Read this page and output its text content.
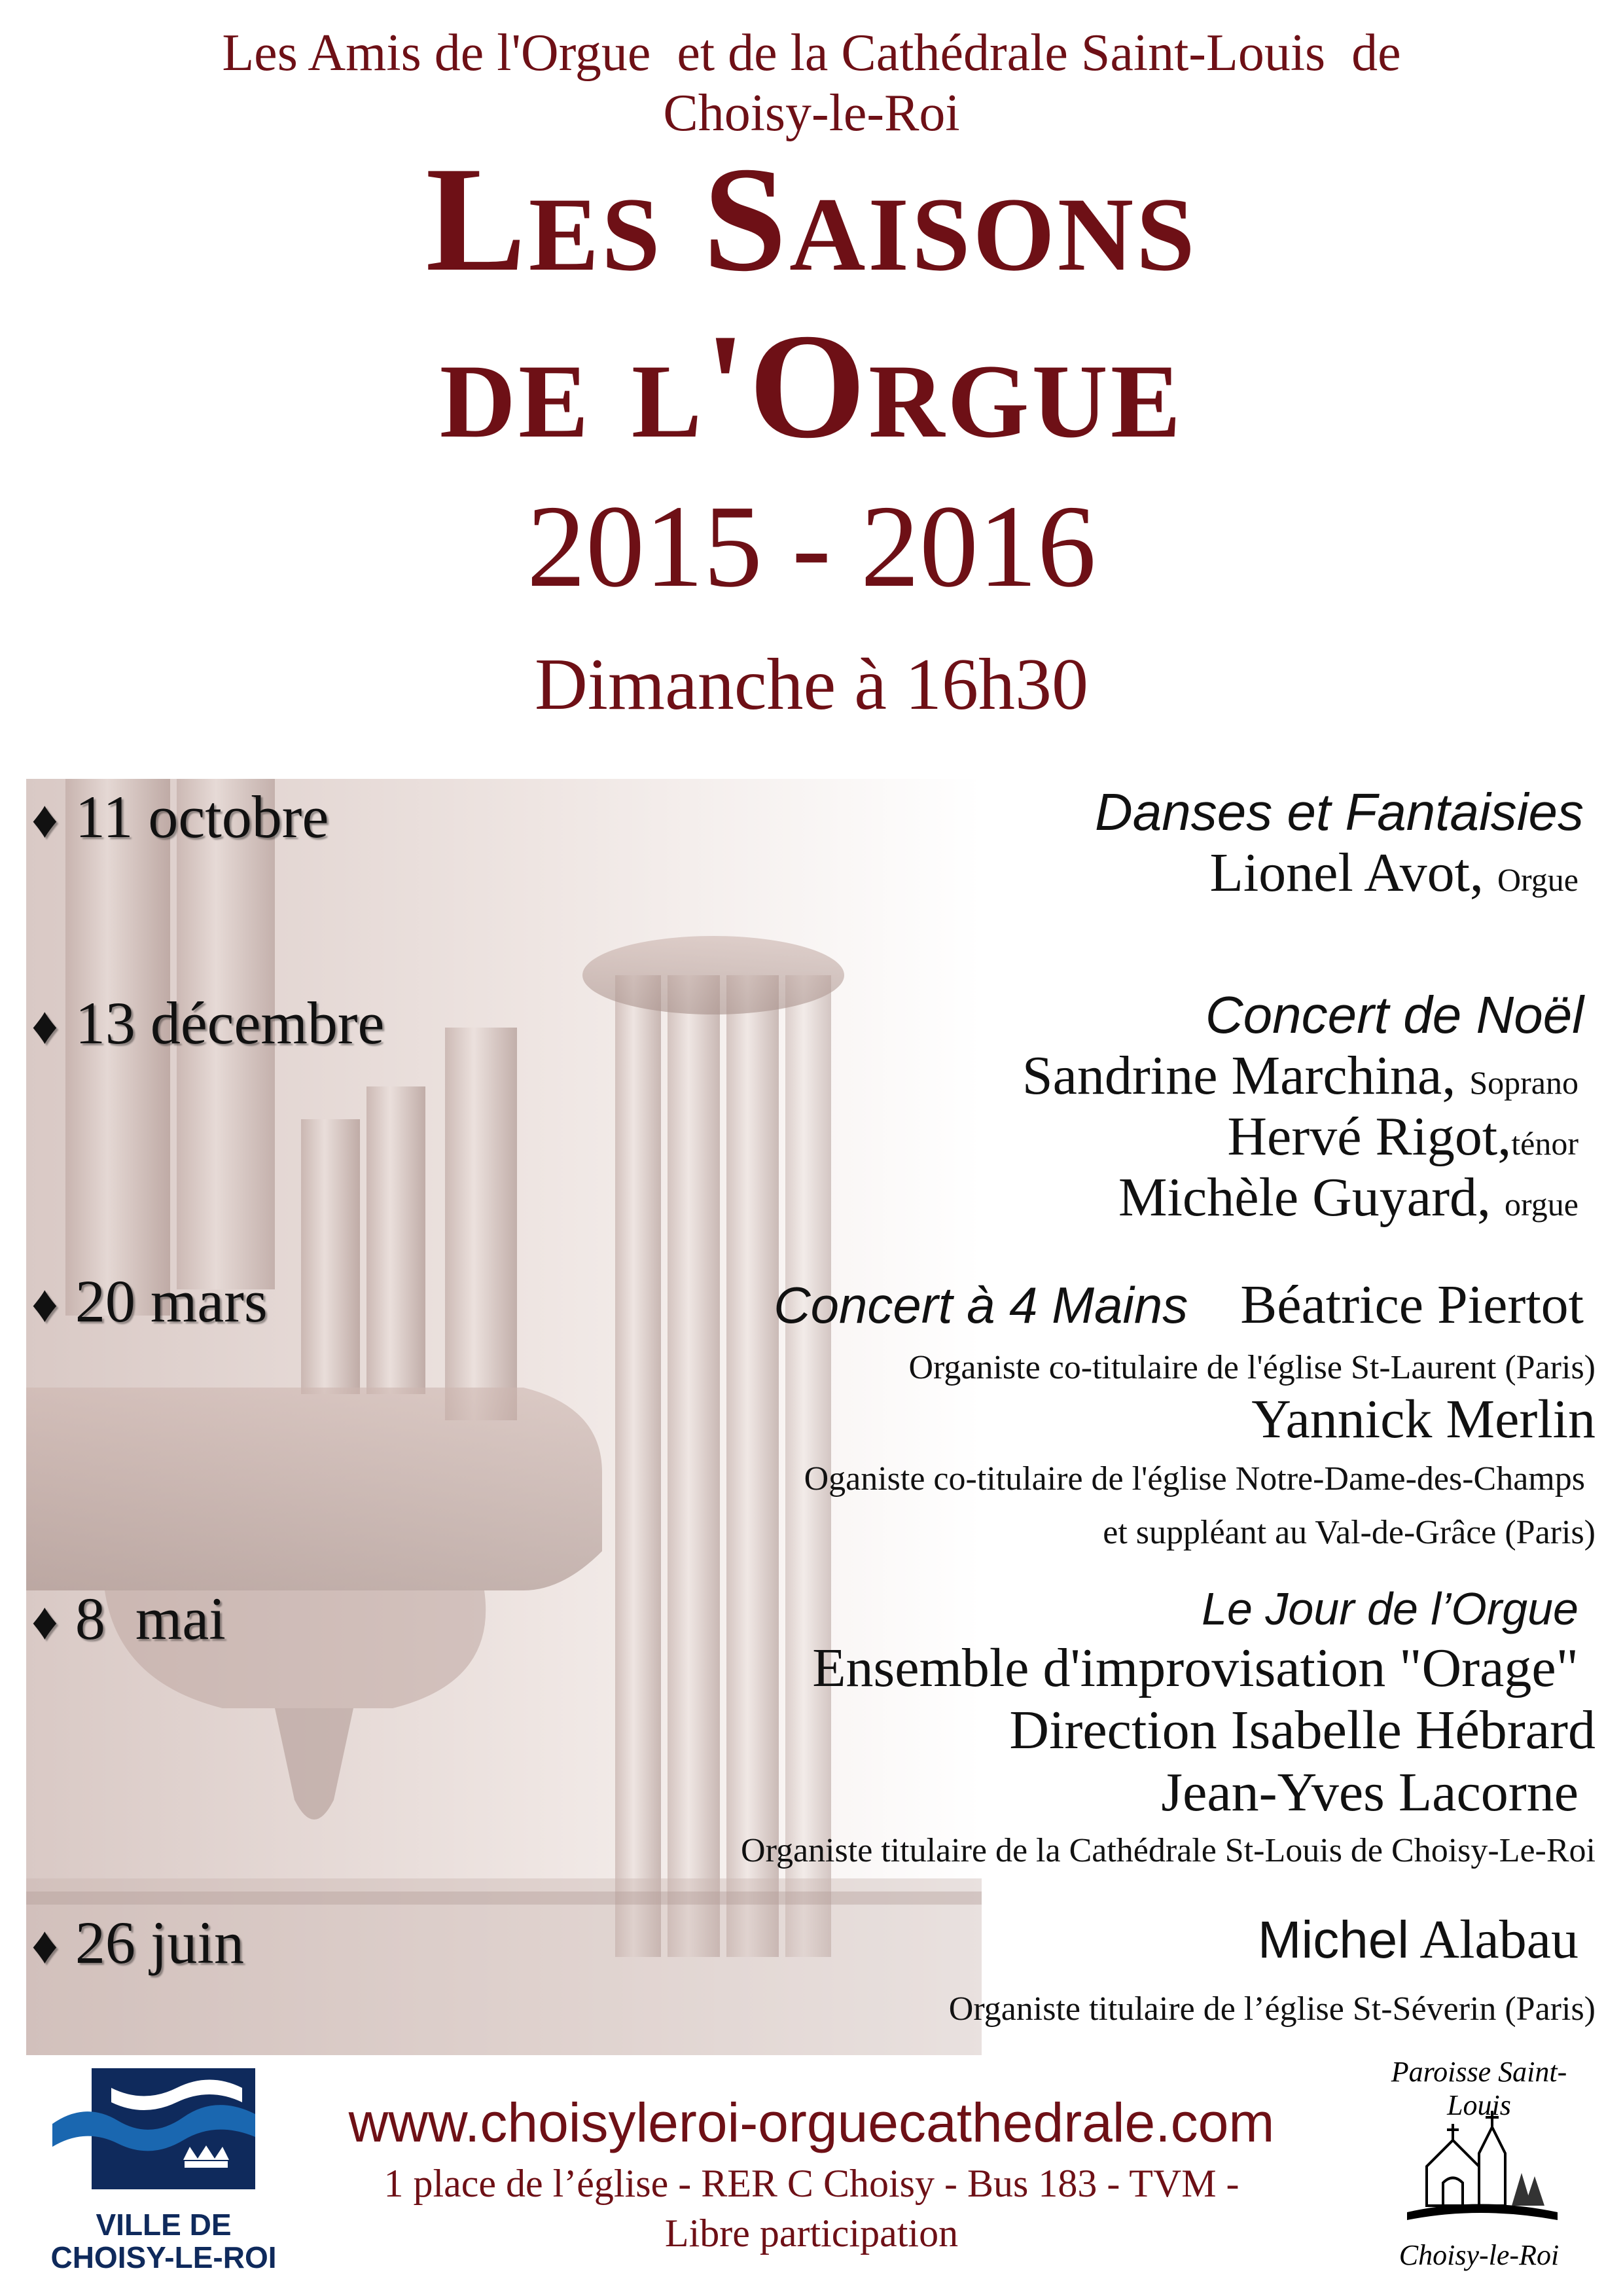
Les Amis de l'Orgue  et de la Cathédrale Saint-Louis  de
Choisy-le-Roi
Les Saisons
de l'Orgue
2015 - 2016
Dimanche à 16h30
♦ 11 octobre
♦ 13 décembre
♦ 20 mars
♦ 8  mai
♦ 26 juin
Danses et Fantaisies
Lionel Avot, Orgue
Concert de Noël
Sandrine Marchina, Soprano
Hervé Rigot,ténor
Michèle Guyard, orgue
Concert à 4 Mains Béatrice Piertot
Organiste co-titulaire de l'église St-Laurent (Paris)
Yannick Merlin
Oganiste co-titulaire de l'église Notre-Dame-des-Champs
et suppléant au Val-de-Grâce (Paris)
Le Jour de l’Orgue
Ensemble d'improvisation "Orage"
Direction Isabelle Hébrard
Jean-Yves Lacorne
Organiste titulaire de la Cathédrale St-Louis de Choisy-Le-Roi
Michel Alabau
Organiste titulaire de l’église St-Séverin (Paris)
www.choisyleroi-orguecathedrale.com
1 place de l’église - RER C Choisy - Bus 183 - TVM -
Libre participation
VILLE DE
CHOISY-LE-ROI
Paroisse Saint-Louis
Choisy-le-Roi
